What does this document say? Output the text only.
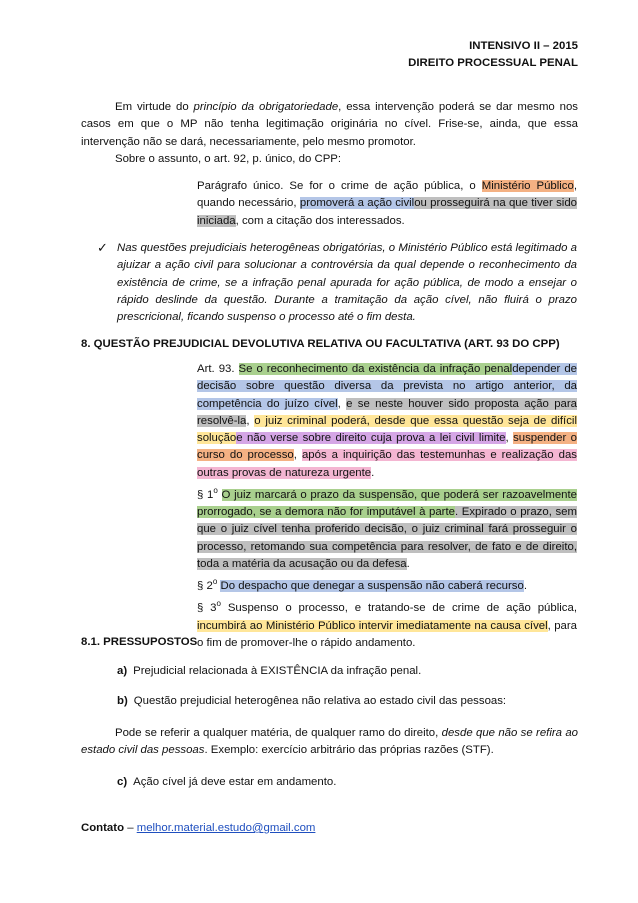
INTENSIVO II – 2015
DIREITO PROCESSUAL PENAL
Em virtude do princípio da obrigatoriedade, essa intervenção poderá se dar mesmo nos casos em que o MP não tenha legitimação originária no cível. Frise-se, ainda, que essa intervenção não se dará, necessariamente, pelo mesmo promotor.
Sobre o assunto, o art. 92, p. único, do CPP:
Parágrafo único. Se for o crime de ação pública, o Ministério Público, quando necessário, promoverá a ação civilou prosseguirá na que tiver sido iniciada, com a citação dos interessados.
✓ Nas questões prejudiciais heterogêneas obrigatórias, o Ministério Público está legitimado a ajuizar a ação civil para solucionar a controvérsia da qual depende o reconhecimento da existência de crime, se a infração penal apurada for ação pública, de modo a ensejar o rápido deslinde da questão. Durante a tramitação da ação cível, não fluirá o prazo prescricional, ficando suspenso o processo até o fim desta.
8. QUESTÃO PREJUDICIAL DEVOLUTIVA RELATIVA OU FACULTATIVA (ART. 93 DO CPP)
Art. 93. Se o reconhecimento da existência da infração penaldepender de decisão sobre questão diversa da prevista no artigo anterior, da competência do juízo cível, e se neste houver sido proposta ação para resolvê-la, o juiz criminal poderá, desde que essa questão seja de difícil soluçãoe não verse sobre direito cuja prova a lei civil limite, suspender o curso do processo, após a inquirição das testemunhas e realização das outras provas de natureza urgente.
§ 1$^o$ O juiz marcará o prazo da suspensão, que poderá ser razoavelmente prorrogado, se a demora não for imputável à parte. Expirado o prazo, sem que o juiz cível tenha proferido decisão, o juiz criminal fará prosseguir o processo, retomando sua competência para resolver, de fato e de direito, toda a matéria da acusação ou da defesa.
§ 2$^o$ Do despacho que denegar a suspensão não caberá recurso.
§ 3$^o$ Suspenso o processo, e tratando-se de crime de ação pública, incumbirá ao Ministério Público intervir imediatamente na causa cível, para o fim de promover-lhe o rápido andamento.
8.1. PRESSUPOSTOS
a) Prejudicial relacionada à EXISTÊNCIA da infração penal.
b) Questão prejudicial heterogênea não relativa ao estado civil das pessoas:
Pode se referir a qualquer matéria, de qualquer ramo do direito, desde que não se refira ao estado civil das pessoas. Exemplo: exercício arbitrário das próprias razões (STF).
c) Ação cível já deve estar em andamento.
Contato – melhor.material.estudo@gmail.com
